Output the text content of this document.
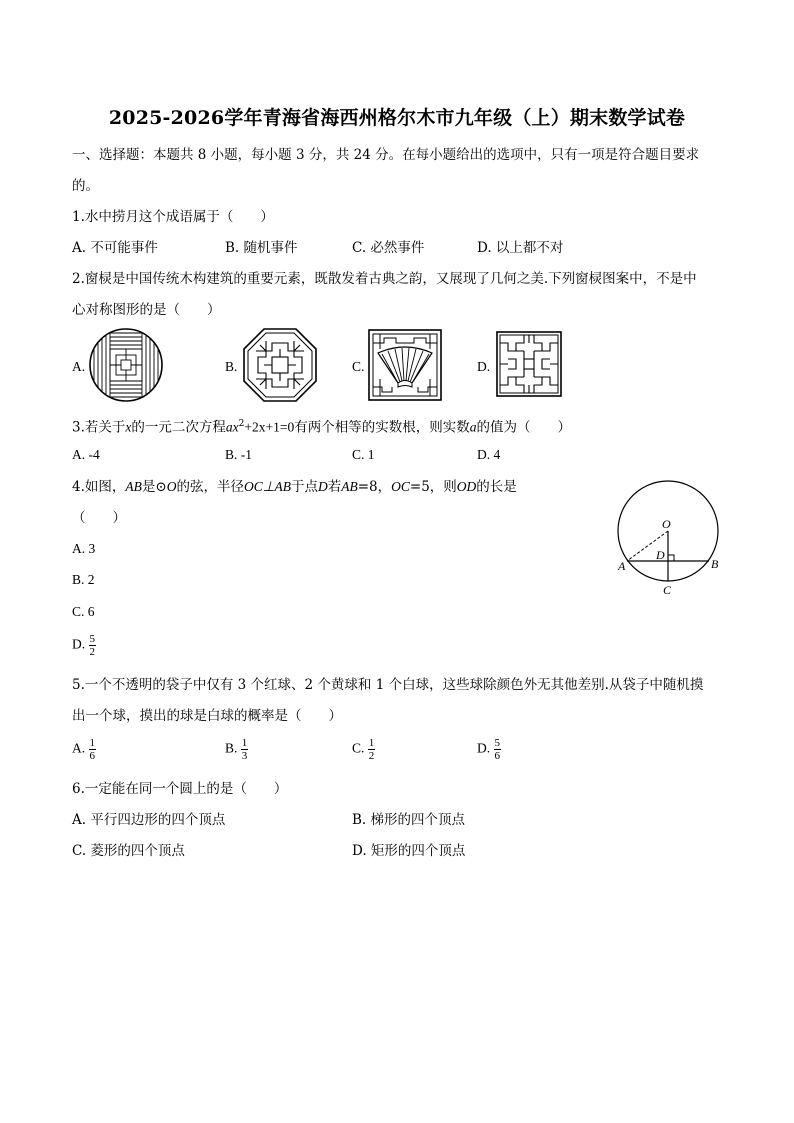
2025-2026学年青海省海西州格尔木市九年级（上）期末数学试卷
一、选择题：本题共 8 小题，每小题 3 分，共 24 分。在每小题给出的选项中，只有一项是符合题目要求
的。
1.水中捞月这个成语属于（　　）
A. 不可能事件	B. 随机事件	C. 必然事件	D. 以上都不对
2.窗棂是中国传统木构建筑的重要元素，既散发着古典之韵，又展现了几何之美.下列窗棂图案中，不是中
心对称图形的是（　　）
A.	B.	C.	D.
3.若关于x的一元二次方程$ax^2+2x+1=0$有两个相等的实数根，则实数a的值为（　　）
A. -4	B. -1	C. 1	D. 4
4.如图，AB是⊙O的弦，半径OC⊥AB于点D若AB=8，OC=5，则OD的长是
（　　）
A. 3
B. 2
C. 6
D. $\frac{5}{2}$
O
D
A	B
C
5.一个不透明的袋子中仅有 3 个红球、2 个黄球和 1 个白球，这些球除颜色外无其他差别.从袋子中随机摸
出一个球，摸出的球是白球的概率是（　　）
A. $\frac{1}{6}$	B. $\frac{1}{3}$	C. $\frac{1}{2}$	D. $\frac{5}{6}$
6.一定能在同一个圆上的是（　　）
A. 平行四边形的四个顶点	B. 梯形的四个顶点
C. 菱形的四个顶点	D. 矩形的四个顶点
